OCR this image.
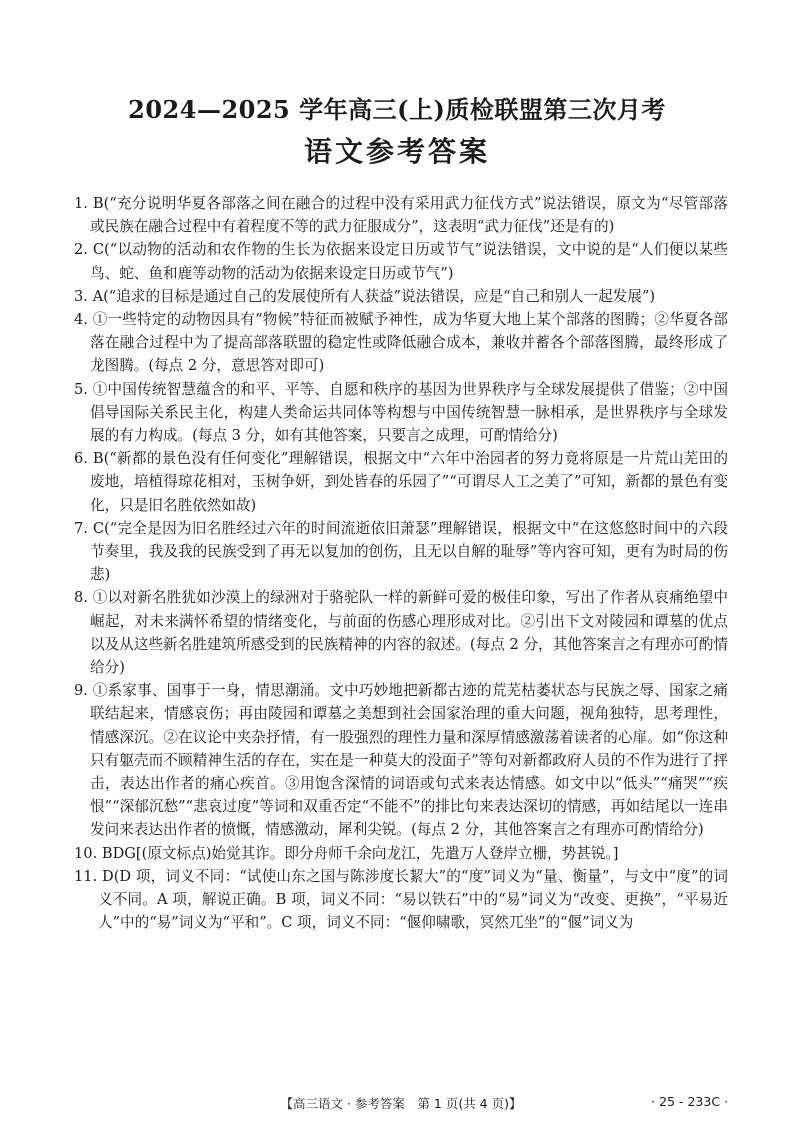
2024—2025 学年高三(上)质检联盟第三次月考
语文参考答案

1. B(“充分说明华夏各部落之间在融合的过程中没有采用武力征伐方式”说法错误，原文为“尽管部落或民族在融合过程中有着程度不等的武力征服成分”，这表明“武力征伐”还是有的)

2. C(“以动物的活动和农作物的生长为依据来设定日历或节气”说法错误，文中说的是“人们便以某些鸟、蛇、鱼和鹿等动物的活动为依据来设定日历或节气”)

3. A(“追求的目标是通过自己的发展使所有人获益”说法错误，应是“自己和别人一起发展”)

4. ①一些特定的动物因具有“物候”特征而被赋予神性，成为华夏大地上某个部落的图腾；②华夏各部落在融合过程中为了提高部落联盟的稳定性或降低融合成本，兼收并蓄各个部落图腾，最终形成了龙图腾。(每点 2 分，意思答对即可)

5. ①中国传统智慧蕴含的和平、平等、自愿和秩序的基因为世界秩序与全球发展提供了借鉴；②中国倡导国际关系民主化，构建人类命运共同体等构想与中国传统智慧一脉相承，是世界秩序与全球发展的有力构成。(每点 3 分，如有其他答案，只要言之成理，可酌情给分)

6. B(“新都的景色没有任何变化”理解错误，根据文中“六年中治园者的努力竟将原是一片荒山芜田的废地，培植得琼花相对，玉树争妍，到处皆春的乐园了”“可谓尽人工之美了”可知，新都的景色有变化，只是旧名胜依然如故)

7. C(“完全是因为旧名胜经过六年的时间流逝依旧萧瑟”理解错误，根据文中“在这悠悠时间中的六段节奏里，我及我的民族受到了再无以复加的创伤，且无以自解的耻辱”等内容可知，更有为时局的伤悲)

8. ①以对新名胜犹如沙漠上的绿洲对于骆驼队一样的新鲜可爱的极佳印象，写出了作者从哀痛绝望中崛起，对未来满怀希望的情绪变化，与前面的伤感心理形成对比。②引出下文对陵园和谭墓的优点以及从这些新名胜建筑所感受到的民族精神的内容的叙述。(每点 2 分，其他答案言之有理亦可酌情给分)

9. ①系家事、国事于一身，情思潮涌。文中巧妙地把新都古迹的荒芜枯萎状态与民族之辱、国家之痛联结起来，情感哀伤；再由陵园和谭墓之美想到社会国家治理的重大问题，视角独特，思考理性，情感深沉。②在议论中夹杂抒情，有一股强烈的理性力量和深厚情感激荡着读者的心扉。如“你这种只有躯壳而不顾精神生活的存在，实在是一种莫大的没面子”等句对新都政府人员的不作为进行了抨击，表达出作者的痛心疾首。③用饱含深情的词语或句式来表达情感。如文中以“低头”“痛哭”“疾恨”“深郁沉愁”“悲哀过度”等词和双重否定“不能不”的排比句来表达深切的情感，再如结尾以一连串发问来表达出作者的愤慨，情感激动，犀利尖锐。(每点 2 分，其他答案言之有理亦可酌情给分)

10. BDG[(原文标点)始觉其诈。即分舟师千余向龙江，先遣万人登岸立栅，势甚锐。]

11. D(D 项，词义不同：“试使山东之国与陈涉度长絜大”的“度”词义为“量、衡量”，与文中“度”的词义不同。A 项，解说正确。B 项，词义不同：“易以铁石”中的“易”词义为“改变、更换”，“平易近人”中的“易”词义为“平和”。C 项，词义不同：“偃仰啸歌，冥然兀坐”的“偃”词义为

【高三语文 · 参考答案　第 1 页(共 4 页)】	· 25 - 233C ·
